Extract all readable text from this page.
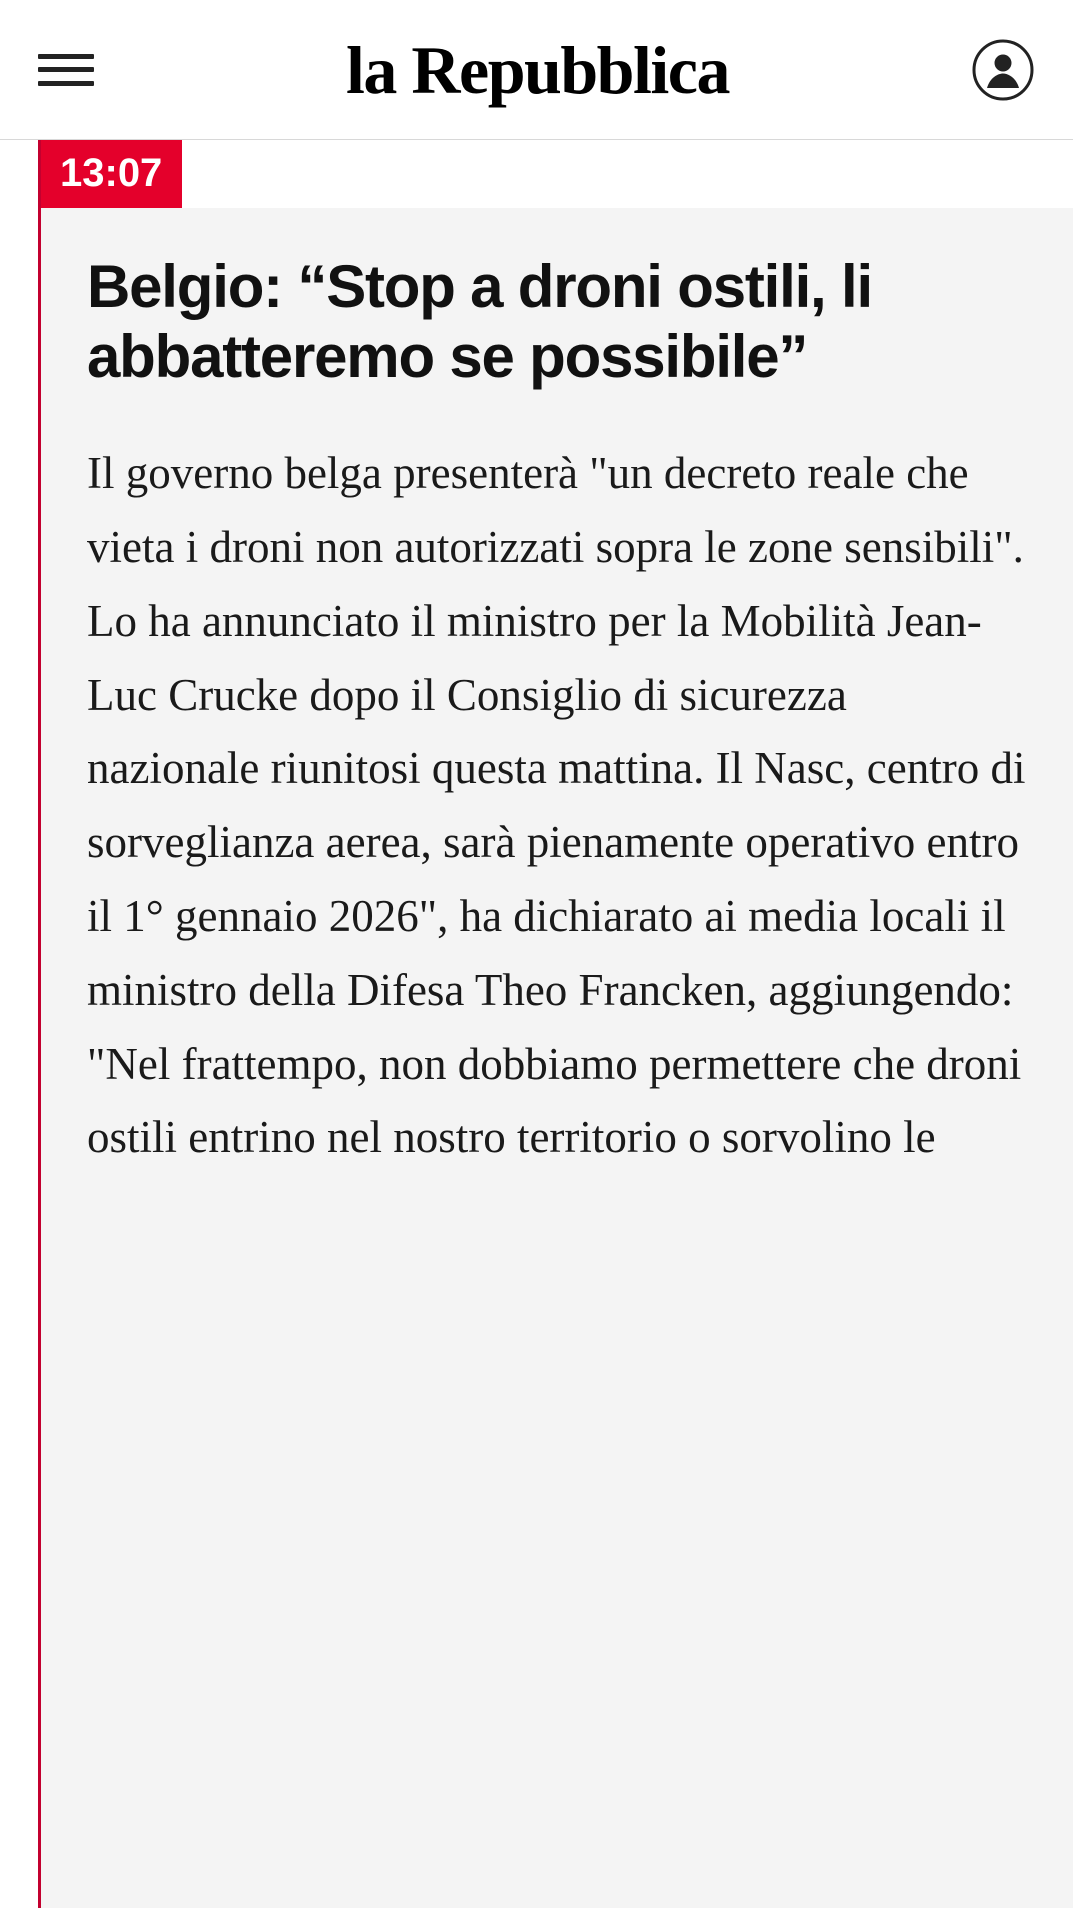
la Repubblica
13:07
Belgio: “Stop a droni ostili, li abbatteremo se possibile”

Il governo belga presenterà "un decreto reale che vieta i droni non autorizzati sopra le zone sensibili". Lo ha annunciato il ministro per la Mobilità Jean-Luc Crucke dopo il Consiglio di sicurezza nazionale riunitosi questa mattina. Il Nasc, centro di sorveglianza aerea, sarà pienamente operativo entro il 1° gennaio 2026", ha dichiarato ai media locali il ministro della Difesa Theo Francken, aggiungendo: "Nel frattempo, non dobbiamo permettere che droni ostili entrino nel nostro territorio o sorvolino le
